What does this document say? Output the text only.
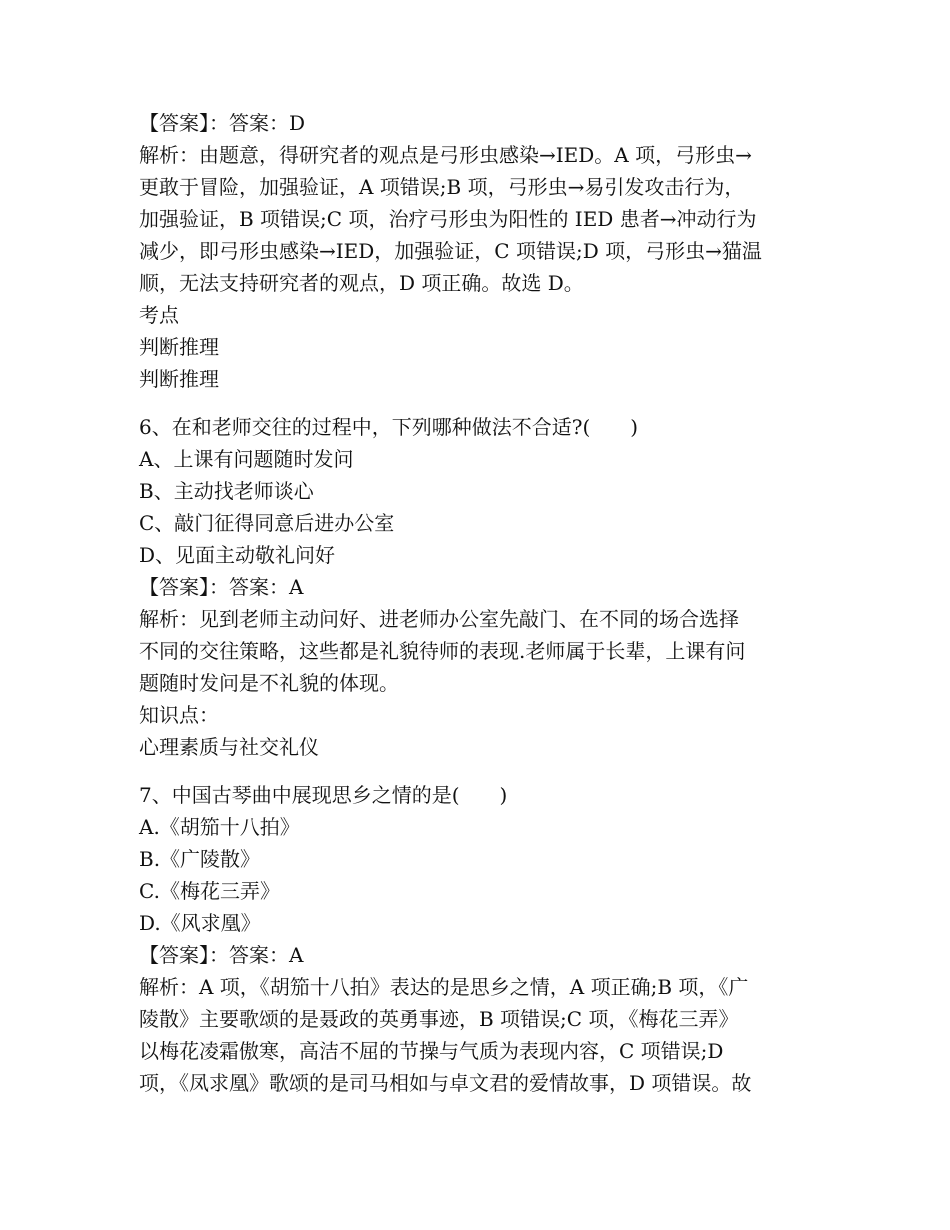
【答案】：答案：D
解析：由题意，得研究者的观点是弓形虫感染→IED。A 项，弓形虫→
更敢于冒险，加强验证，A 项错误;B 项，弓形虫→易引发攻击行为，
加强验证，B 项错误;C 项，治疗弓形虫为阳性的 IED 患者→冲动行为
减少，即弓形虫感染→IED，加强验证，C 项错误;D 项，弓形虫→猫温
顺，无法支持研究者的观点，D 项正确。故选 D。
考点
判断推理
判断推理
6、在和老师交往的过程中，下列哪种做法不合适?(　　)
A、上课有问题随时发问
B、主动找老师谈心
C、敲门征得同意后进办公室
D、见面主动敬礼问好
【答案】：答案：A
解析：见到老师主动问好、进老师办公室先敲门、在不同的场合选择
不同的交往策略，这些都是礼貌待师的表现.老师属于长辈，上课有问
题随时发问是不礼貌的体现。
知识点：
心理素质与社交礼仪
7、中国古琴曲中展现思乡之情的是(　　)
A.《胡笳十八拍》
B.《广陵散》
C.《梅花三弄》
D.《风求凰》
【答案】：答案：A
解析：A 项，《胡笳十八拍》表达的是思乡之情，A 项正确;B 项，《广
陵散》主要歌颂的是聂政的英勇事迹，B 项错误;C 项，《梅花三弄》
以梅花凌霜傲寒，高洁不屈的节操与气质为表现内容，C 项错误;D
项，《凤求凰》歌颂的是司马相如与卓文君的爱情故事，D 项错误。故
